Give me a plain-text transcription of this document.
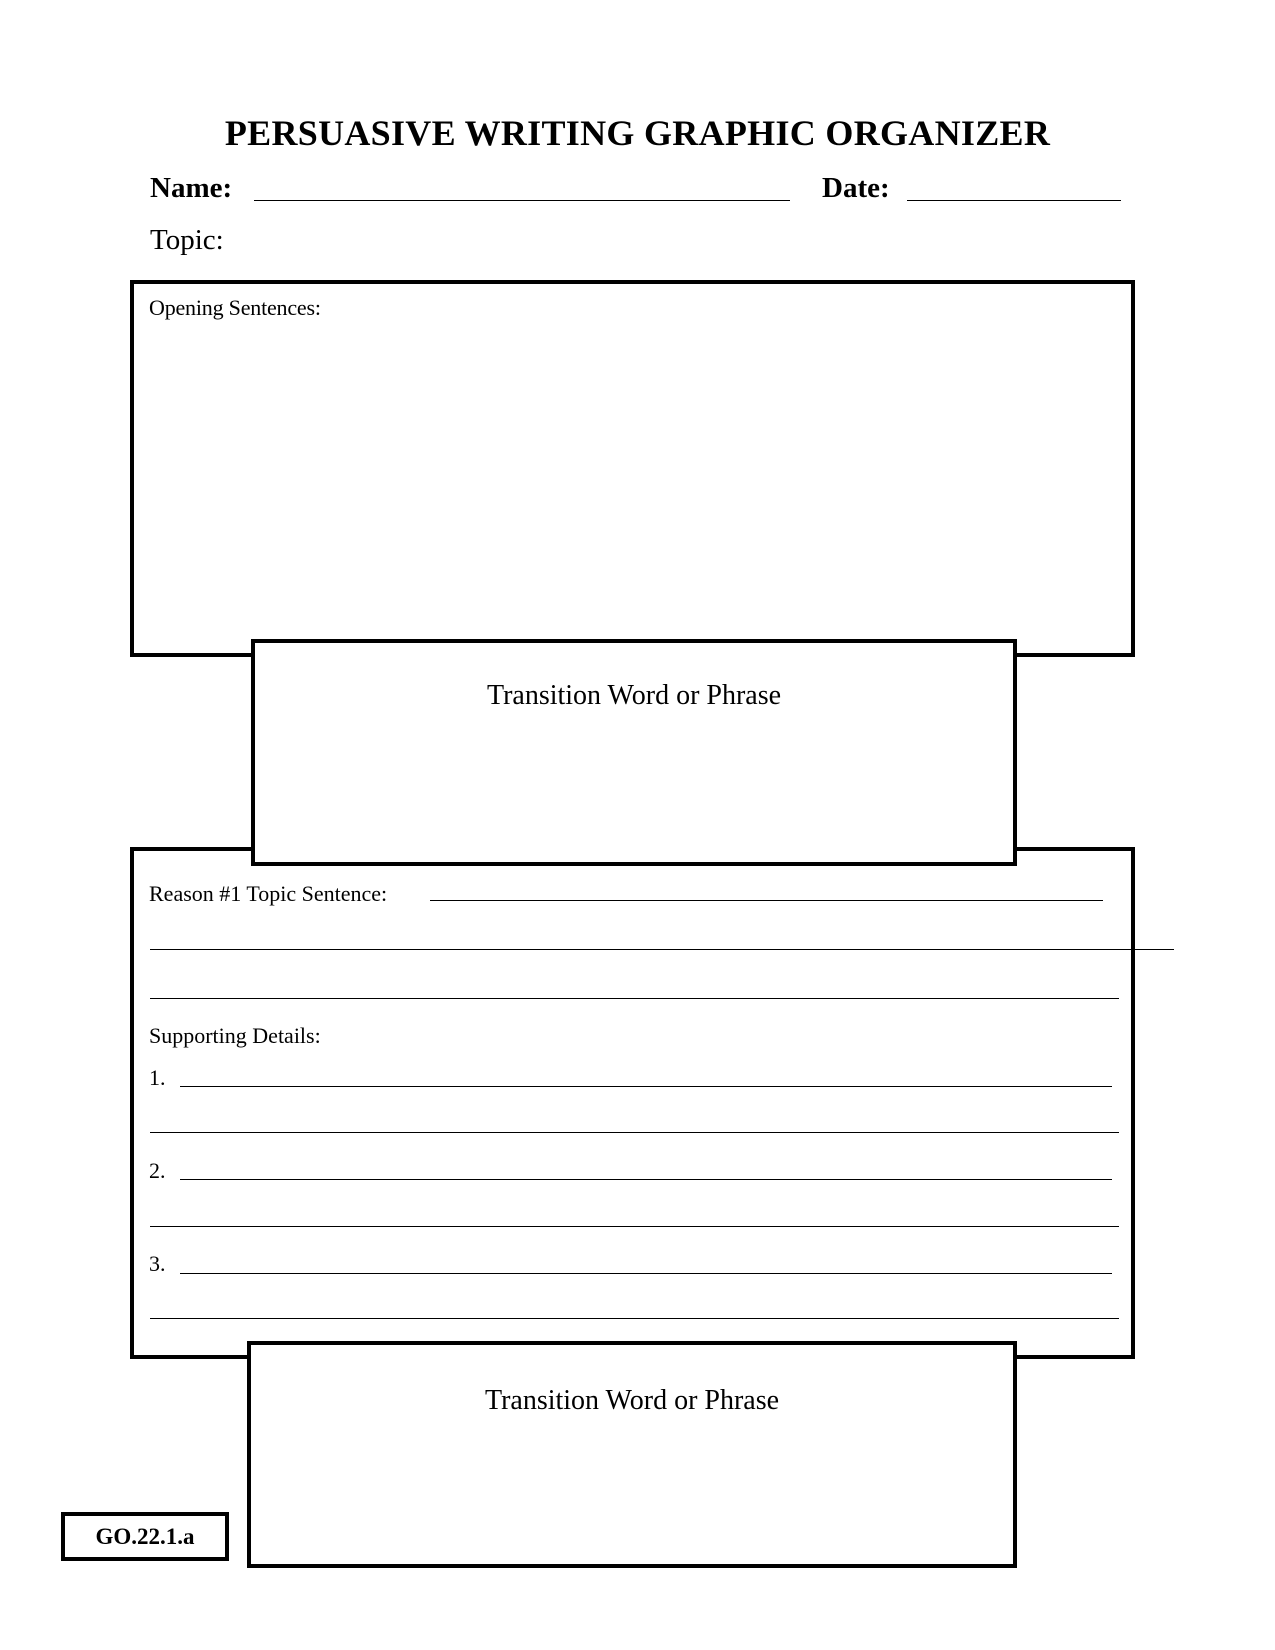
PERSUASIVE WRITING GRAPHIC ORGANIZER
Name:	Date:
Topic:
Opening Sentences:
Reason #1 Topic Sentence:
Supporting Details:
1.
2.
3.
Transition Word or Phrase
Transition Word or Phrase
GO.22.1.a
